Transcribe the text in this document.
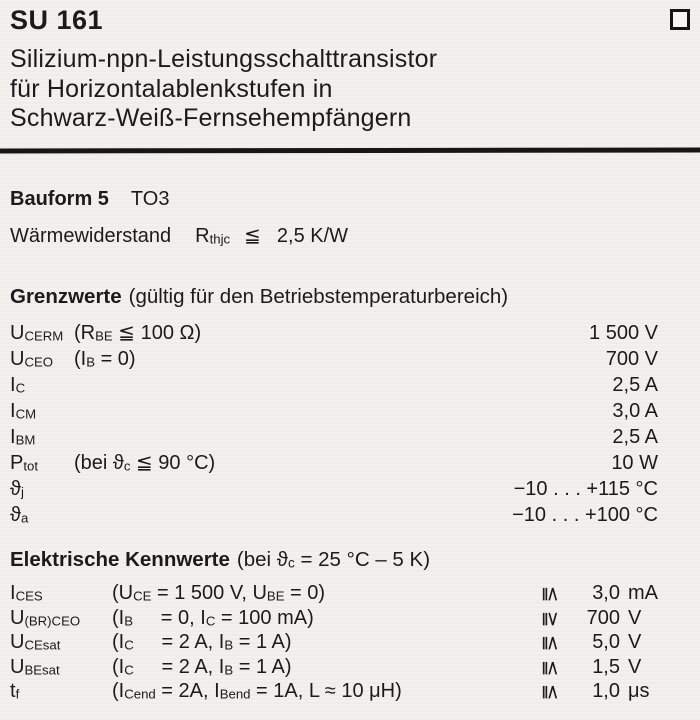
SU 161
Silizium-npn-Leistungsschalttransistor
für Horizontalablenkstufen in
Schwarz-Weiß-Fernsehempfängern
Bauform 5 TO3
Wärmewiderstand Rthjc ≦ 2,5 K/W
Grenzwerte (gültig für den Betriebstemperaturbereich)
UCERM (RBE ≦ 100 Ω)	1 500 V
UCEO	(IB = 0)	700 V
IC	2,5 A
ICM	3,0 A
IBM	2,5 A
Ptot	(bei ϑc ≦ 90 °C)	10 W
ϑj	−10 . . . +115 °C
ϑa	−10 . . . +100 °C
Elektrische Kennwerte (bei ϑc = 25 °C – 5 K)
ICES	(UCE = 1 500 V, UBE = 0)	≦	3,0 mA
U(BR)CEO	(IB     = 0, IC = 100 mA)	≧	700 V
UCEsat	(IC     = 2 A, IB = 1 A)	≦	5,0 V
UBEsat	(IC     = 2 A, IB = 1 A)	≦	1,5 V
tf	(ICend = 2A, IBend = 1A, L ≈ 10 μH)	≦	1,0 μs
